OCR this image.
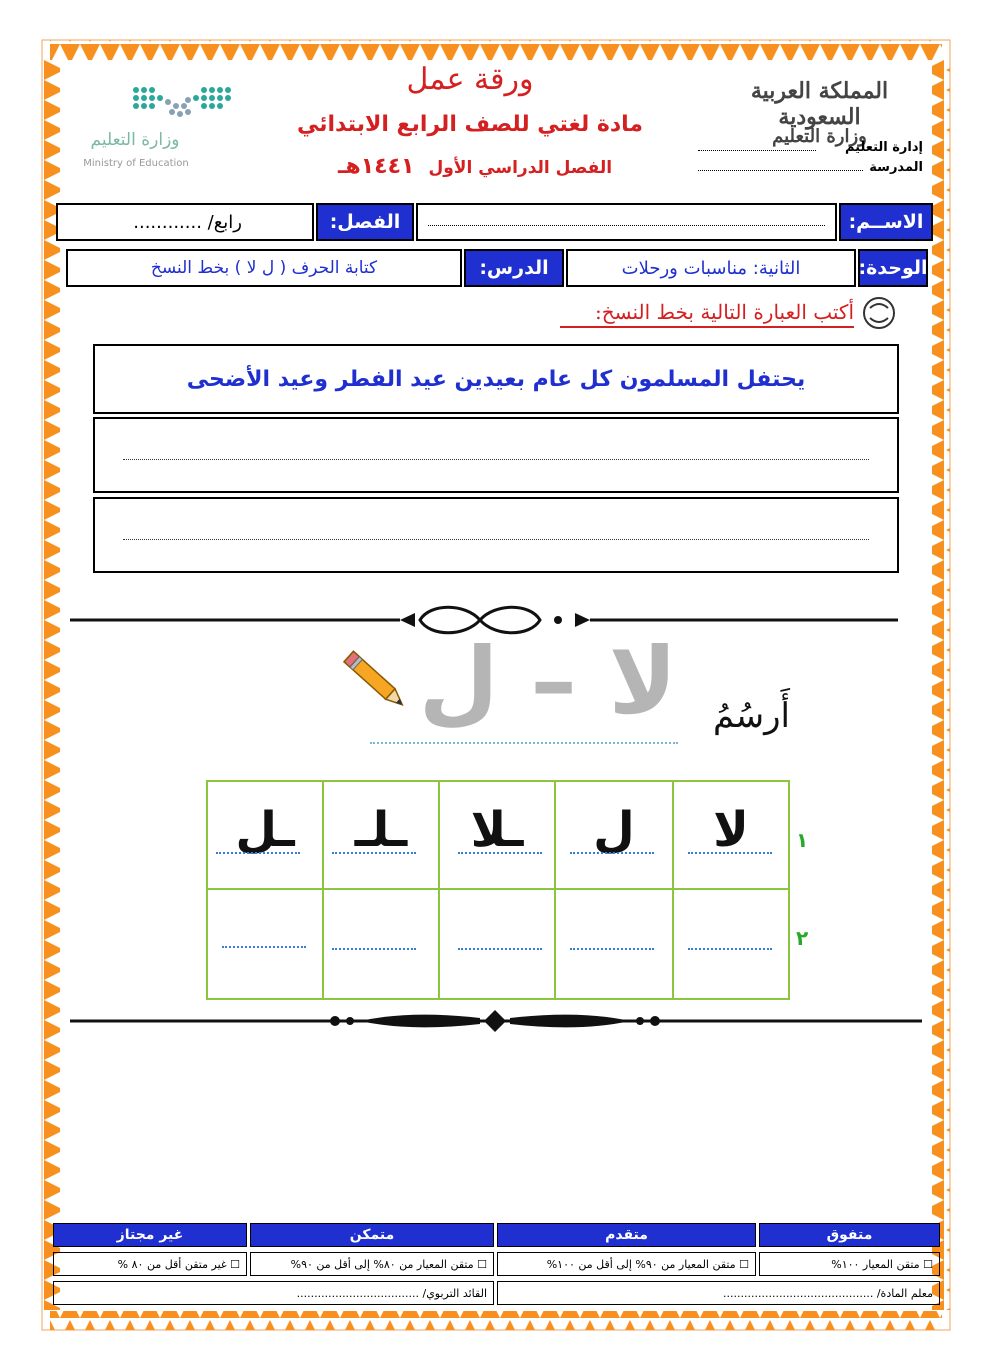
المملكة العربية السعودية
وزارة التعليم
إدارة التعليم
المدرسة
ورقة عمل
مادة لغتي للصف الرابع الابتدائي
الفصل الدراسي الأول
١٤٤١هـ
وزارة التعليم
Ministry of Education
الاســم:
الفصل:
رابع/ ............
الوحدة:
الثانية: مناسبات ورحلات
الدرس:
كتابة الحرف ( ل لا ) بخط النسخ
أكتب العبارة التالية بخط النسخ:
يحتفل المسلمون كل عام بعيدين عيد الفطر وعيد الأضحى
أَرسُمُ
لا – ل
لا
ل
ـلا
ـلـ
ـل	١
٢
متفوق
متقدم
متمكن
غير مجتاز
☐ متقن المعيار ١٠٠%
☐ متقن المعيار من ٩٠% إلى أقل من ١٠٠%
☐ متقن المعيار من ٨٠% إلى أقل من ٩٠%
☐ غير متقن أقل من ٨٠ %
معلم المادة/ ...........................................
القائد التربوي/ ...................................
